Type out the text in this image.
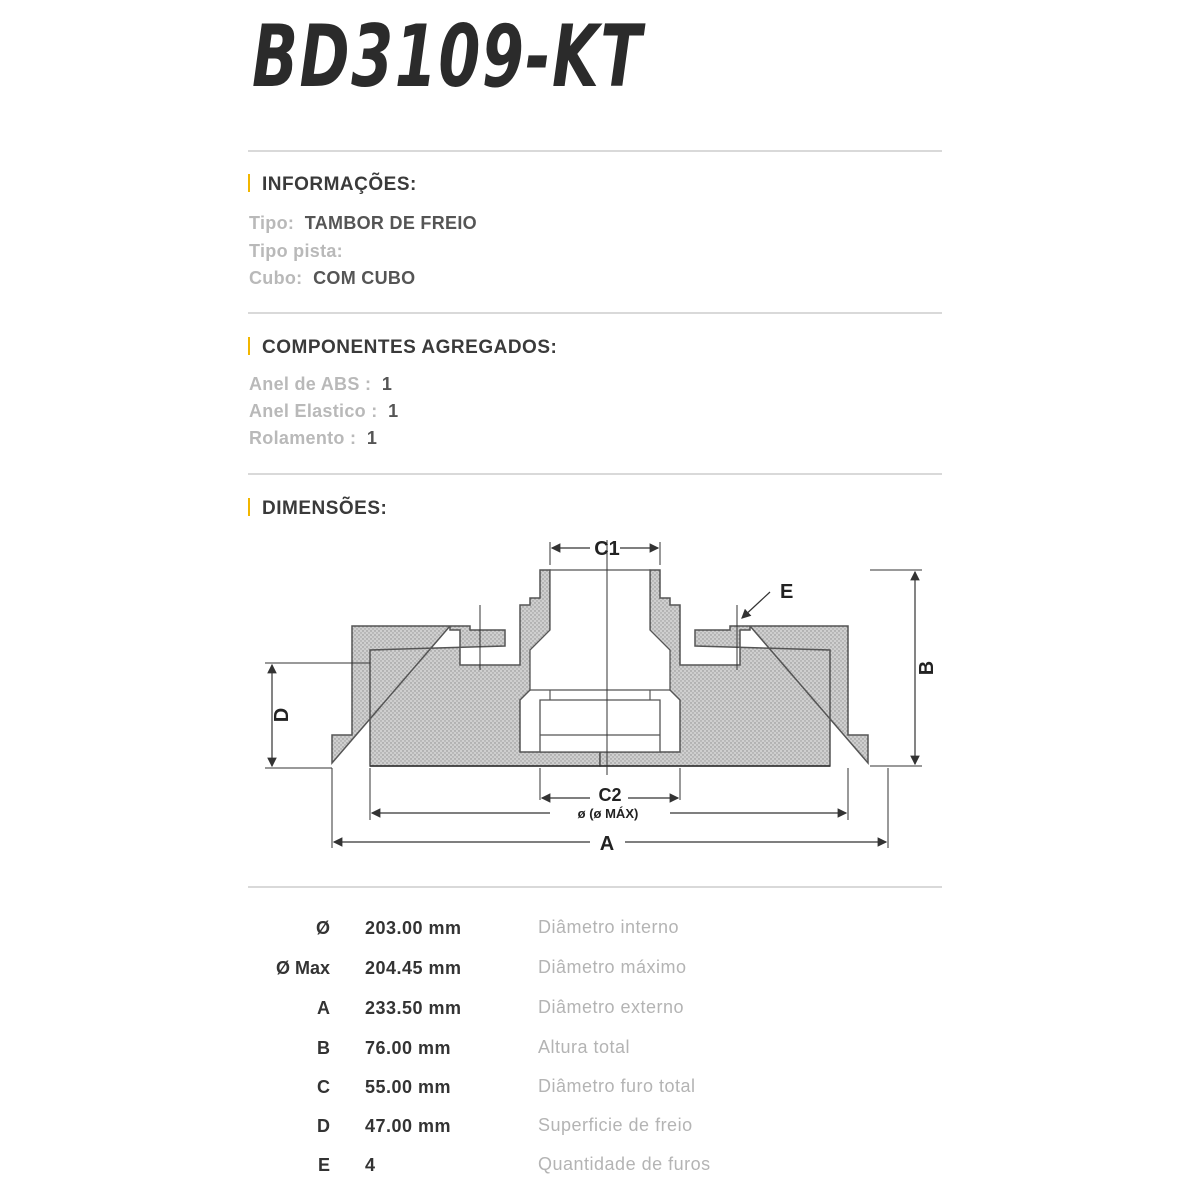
BD3109-KT
INFORMAÇÕES:
Tipo: TAMBOR DE FREIO
Tipo pista:
Cubo: COM CUBO
COMPONENTES AGREGADOS:
Anel de ABS : 1
Anel Elastico : 1
Rolamento : 1
DIMENSÕES:
C1
E
B
D
C2
ø (ø MÁX)
A
Ø 203.00 mm	Diâmetro interno
Ø Max 204.45 mm	Diâmetro máximo
A 233.50 mm	Diâmetro externo
B 76.00 mm	Altura total
C 55.00 mm	Diâmetro furo total
D 47.00 mm	Superficie de freio
E 4	Quantidade de furos
